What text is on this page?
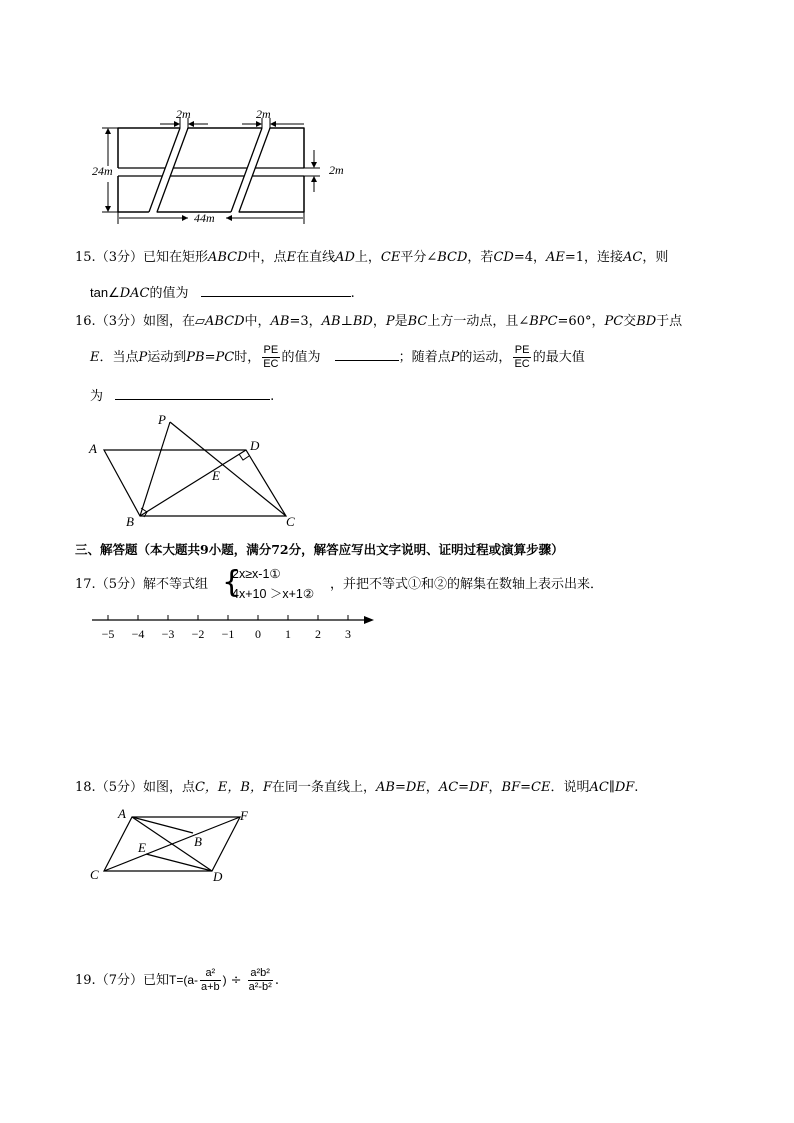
2m	2m
24m	2m
44m
15.（3分）已知在矩形ABCD中，点E在直线AD上，CE平分∠BCD，若CD=4，AE=1，连接AC，则
tan∠DAC的值为	.
16.（3分）如图，在▱ABCD中，AB=3，AB⊥BD，P是BC上方一动点，且∠BPC=60°，PC交BD于点
E．当点P运动到PB=PC时， $\frac{PE}{EC}$ 的值为	；随着点P的运动， $\frac{PE}{EC}$ 的最大值
为	.
A	D
P
E
B	C
三、解答题（本大题共9小题，满分72分，解答应写出文字说明、证明过程或演算步骤）
17.（5分）解不等式组 {
2x≥x-1①
4x+10 ＞x+1②
，并把不等式①和②的解集在数轴上表示出来．
−5 −4 −3 −2 −1 0 1 2 3
18.（5分）如图，点C，E，B，F在同一条直线上，AB=DE，AC=DF，BF=CE．说明AC∥DF.
A	F
E	B
C	D
19.（7分）已知$T=(a- \frac{\text{a²}}{a+b}$ ) ÷ $\frac{\text{a²b²}}{\text{a²-b²}}$ .
